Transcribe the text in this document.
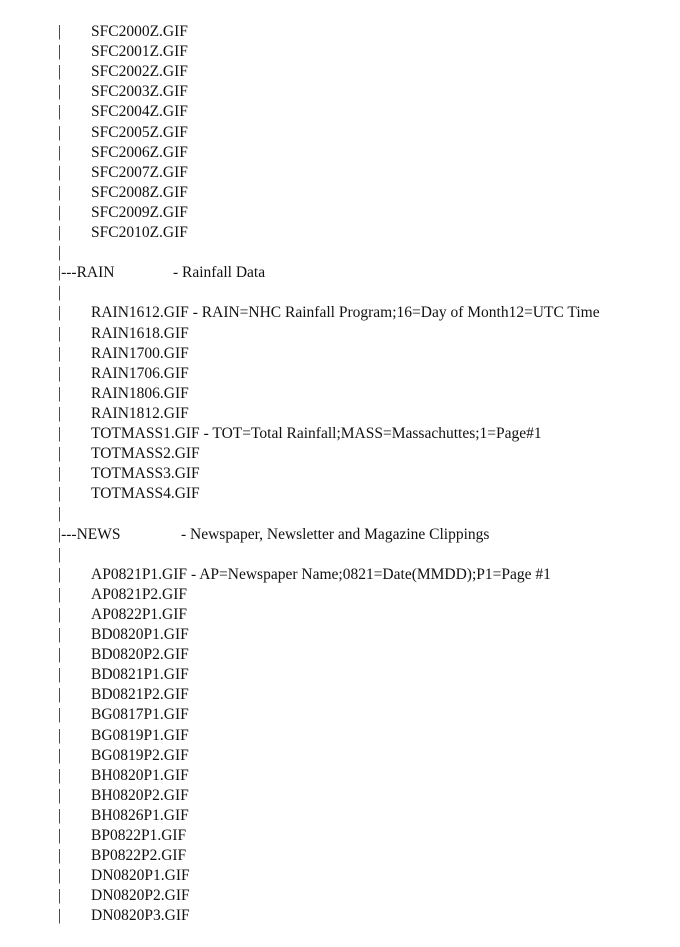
| SFC2000Z.GIF
| SFC2001Z.GIF
| SFC2002Z.GIF
| SFC2003Z.GIF
| SFC2004Z.GIF
| SFC2005Z.GIF
| SFC2006Z.GIF
| SFC2007Z.GIF
| SFC2008Z.GIF
| SFC2009Z.GIF
| SFC2010Z.GIF
|
|---RAIN	- Rainfall Data
|
| RAIN1612.GIF - RAIN=NHC Rainfall Program;16=Day of Month12=UTC Time
| RAIN1618.GIF
| RAIN1700.GIF
| RAIN1706.GIF
| RAIN1806.GIF
| RAIN1812.GIF
| TOTMASS1.GIF- TOT=Total Rainfall;MASS=Massachuttes;1=Page#1
| TOTMASS2.GIF
| TOTMASS3.GIF
| TOTMASS4.GIF
|
|---NEWS	- Newspaper, Newsletter and Magazine Clippings
|
| AP0821P1.GIF - AP=Newspaper Name;0821=Date(MMDD);P1=Page #1
| AP0821P2.GIF
| AP0822P1.GIF
| BD0820P1.GIF
| BD0820P2.GIF
| BD0821P1.GIF
| BD0821P2.GIF
| BG0817P1.GIF
| BG0819P1.GIF
| BG0819P2.GIF
| BH0820P1.GIF
| BH0820P2.GIF
| BH0826P1.GIF
| BP0822P1.GIF
| BP0822P2.GIF
| DN0820P1.GIF
| DN0820P2.GIF
| DN0820P3.GIF
